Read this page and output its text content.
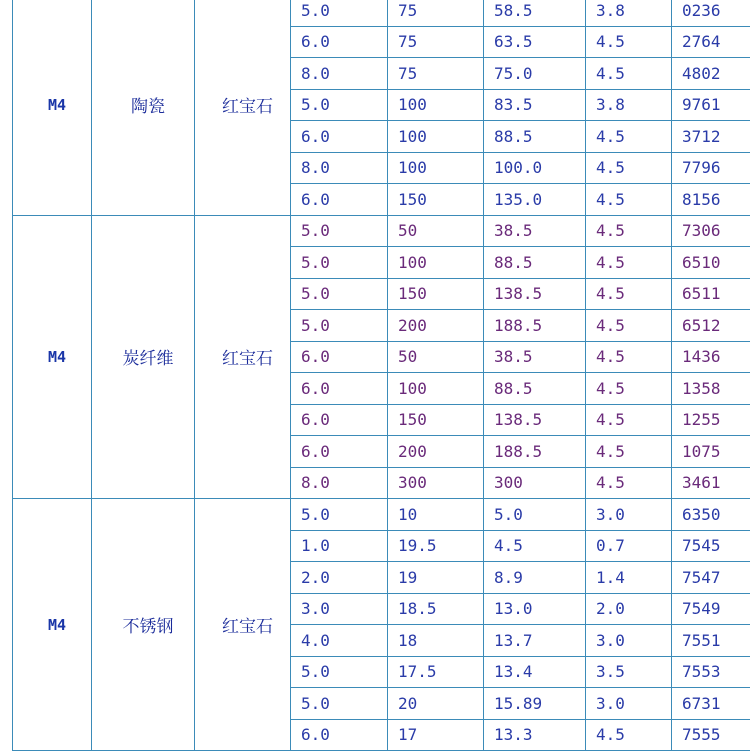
M4	陶瓷	红宝石	5.0	75	58.5	3.8	0236
			6.0	75	63.5	4.5	2764
			8.0	75	75.0	4.5	4802
			5.0	100	83.5	3.8	9761
			6.0	100	88.5	4.5	3712
			8.0	100	100.0	4.5	7796
			6.0	150	135.0	4.5	8156
M4	炭纤维	红宝石	5.0	50	38.5	4.5	7306
			5.0	100	88.5	4.5	6510
			5.0	150	138.5	4.5	6511
			5.0	200	188.5	4.5	6512
			6.0	50	38.5	4.5	1436
			6.0	100	88.5	4.5	1358
			6.0	150	138.5	4.5	1255
			6.0	200	188.5	4.5	1075
			8.0	300	300	4.5	3461
M4	不锈钢	红宝石	5.0	10	5.0	3.0	6350
			1.0	19.5	4.5	0.7	7545
			2.0	19	8.9	1.4	7547
			3.0	18.5	13.0	2.0	7549
			4.0	18	13.7	3.0	7551
			5.0	17.5	13.4	3.5	7553
			5.0	20	15.89	3.0	6731
			6.0	17	13.3	4.5	7555
